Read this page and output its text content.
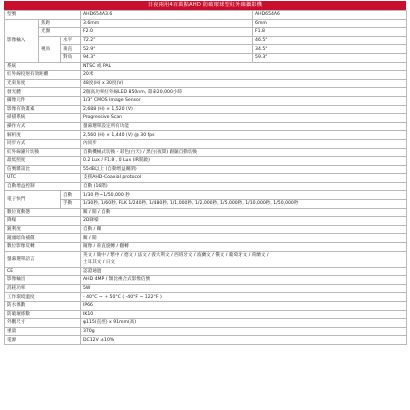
日夜兩用4百萬點AHD 防破壞球型紅外線攝影機
型號			AHD654A3.6	AHD654A6
影像輸入	焦距		3.6mm	6mm
	光圈		F2.0	F1.8
	視角	水平	72.2°	46.5°
		垂直	52.9°	34.5°
		對角	94.3°	59.3°
系統			NTSC 或 PAL	
紅外線投射有效距離			20米	
光束角度			48度(H) x 30度(V)	
發光體			2個高功率紅外線LED 850nm, 壽命20,000小時	
攝像元件			1/3" CMOS Image Sensor	
影像有效畫素			2,688 (H) × 1,520 (V)	
掃描系統			Progressive Scan	
操作方式			螢幕選單設定所有功能	
解析度			2,560 (H) × 1,440 (V) @ 30 fps	
同步方式			內同步	
紅外線濾片切換			自動機械式切換 - 彩色(白天) / 黑白(夜間) 跟隨自動切換	
最低照度			0.2 Lux / F1.8 , 0 Lux (IR開啟)	
信號雜訊比			55dB以上 (自動增益關閉)	
UTC			支援AHD-Coaxial protocol	
自動增益控制			自動 (16階)	
電子快門		自動	1/30 秒~1/50,000 秒	
		手動	1/30秒, 1/60秒, FLK 1/240秒, 1/480秒, 1/1,000秒, 1/2,000秒, 1/5,000秒, 1/10,000秒, 1/50,000秒	
數位寬動態			關 / 開 / 自動	
降噪			2D降噪	
銳利度			自動 / 關	
鏡頭暗角補償			關 / 開	
數位影像反轉			鏡像 / 垂直旋轉 / 翻轉	
螢幕選單語言			英文 / 簡中 / 繁中 / 德文 / 法文 / 義大利文 / 西班牙文 / 波蘭文 / 俄文 / 葡萄牙文 / 荷蘭文 /
土耳其文 / 日文	

CE			認證通過	
影像輸出			AHD 4MP / 類比複合式影像信號	
消耗功率			5W	
工作環境溫度			- 40°C ~ + 50°C ( -40°F ~ 122°F )	
防水係數			IP66	
防破壞係數			IK10	
外觀尺寸			φ115(直徑) x 91mm(高)	
重量			370g	
電源			DC12V ±10%	
